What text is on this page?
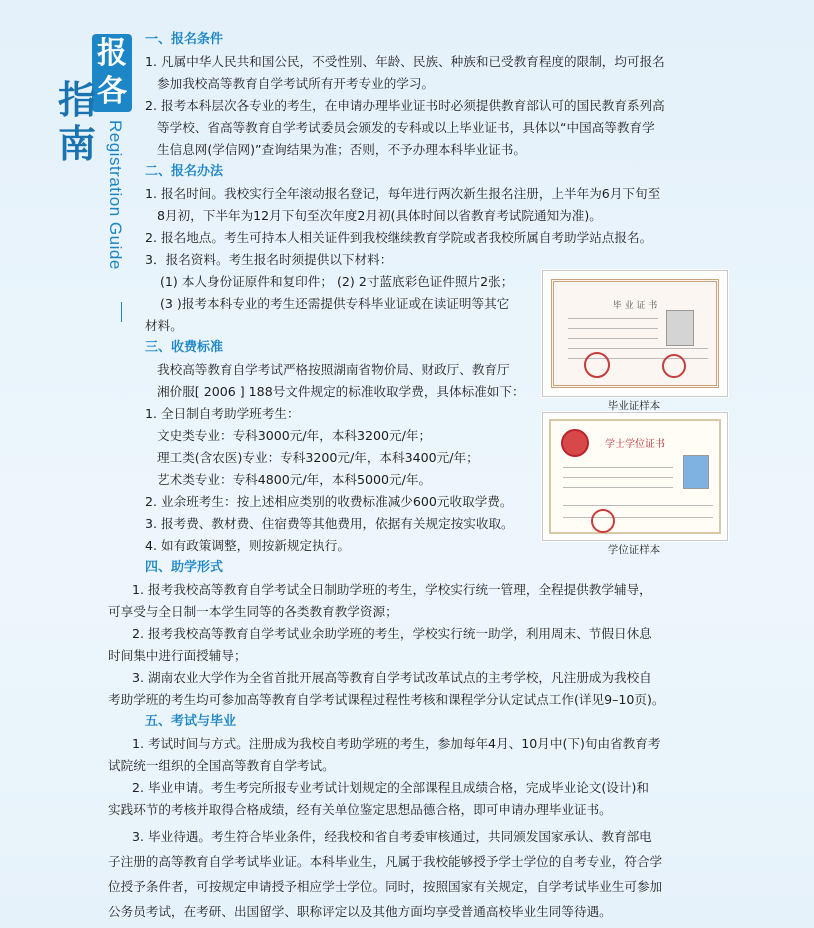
报
各
指
南 Registration Guide
一、报名条件
1. 凡属中华人民共和国公民，不受性别、年龄、民族、种族和已受教育程度的限制，均可报名
参加我校高等教育自学考试所有开考专业的学习。
2. 报考本科层次各专业的考生，在申请办理毕业证书时必须提供教育部认可的国民教育系列高
等学校、省高等教育自学考试委员会颁发的专科或以上毕业证书，具体以“中国高等教育学
生信息网(学信网)”查询结果为准；否则，不予办理本科毕业证书。
二、报名办法
1. 报名时间。我校实行全年滚动报名登记，每年进行两次新生报名注册，上半年为6月下旬至
8月初，下半年为12月下旬至次年度2月初(具体时间以省教育考试院通知为准)。
2. 报名地点。考生可持本人相关证件到我校继续教育学院或者我校所属自考助学站点报名。
3．报名资料。考生报名时须提供以下材料：
(1) 本人身份证原件和复印件； (2) 2寸蓝底彩色证件照片2张；
(3 )报考本科专业的考生还需提供专科毕业证或在读证明等其它
材料。
三、收费标准
我校高等教育自学考试严格按照湖南省物价局、财政厅、教育厅
湘价服[ 2006 ] 188号文件规定的标准收取学费，具体标准如下：
1. 全日制自考助学班考生：
文史类专业：专科3000元/年，本科3200元/年；
理工类(含农医)专业：专科3200元/年，本科3400元/年；
艺术类专业：专科4800元/年，本科5000元/年。
2. 业余班考生：按上述相应类别的收费标准减少600元收取学费。
3. 报考费、教材费、住宿费等其他费用，依据有关规定按实收取。
4. 如有政策调整，则按新规定执行。
四、助学形式
1. 报考我校高等教育自学考试全日制助学班的考生，学校实行统一管理，全程提供教学辅导，
可享受与全日制一本学生同等的各类教育教学资源；
2. 报考我校高等教育自学考试业余助学班的考生，学校实行统一助学，利用周末、节假日休息
时间集中进行面授辅导；
3. 湖南农业大学作为全省首批开展高等教育自学考试改革试点的主考学校，凡注册成为我校自
考助学班的考生均可参加高等教育自学考试课程过程性考核和课程学分认定试点工作(详见9–10页)。
五、考试与毕业
1. 考试时间与方式。注册成为我校自考助学班的考生，参加每年4月、10月中(下)旬由省教育考
试院统一组织的全国高等教育自学考试。
2. 毕业申请。考生考完所报专业考试计划规定的全部课程且成绩合格，完成毕业论文(设计)和
实践环节的考核并取得合格成绩，经有关单位鉴定思想品德合格，即可申请办理毕业证书。
3. 毕业待遇。考生符合毕业条件，经我校和省自考委审核通过，共同颁发国家承认、教育部电
子注册的高等教育自学考试毕业证。本科毕业生，凡属于我校能够授予学士学位的自考专业，符合学
位授予条件者，可按规定申请授予相应学士学位。同时，按照国家有关规定，自学考试毕业生可参加
公务员考试，在考研、出国留学、职称评定以及其他方面均享受普通高校毕业生同等待遇。
毕 业 证 书
毕业证样本
学士学位证书
学位证样本
